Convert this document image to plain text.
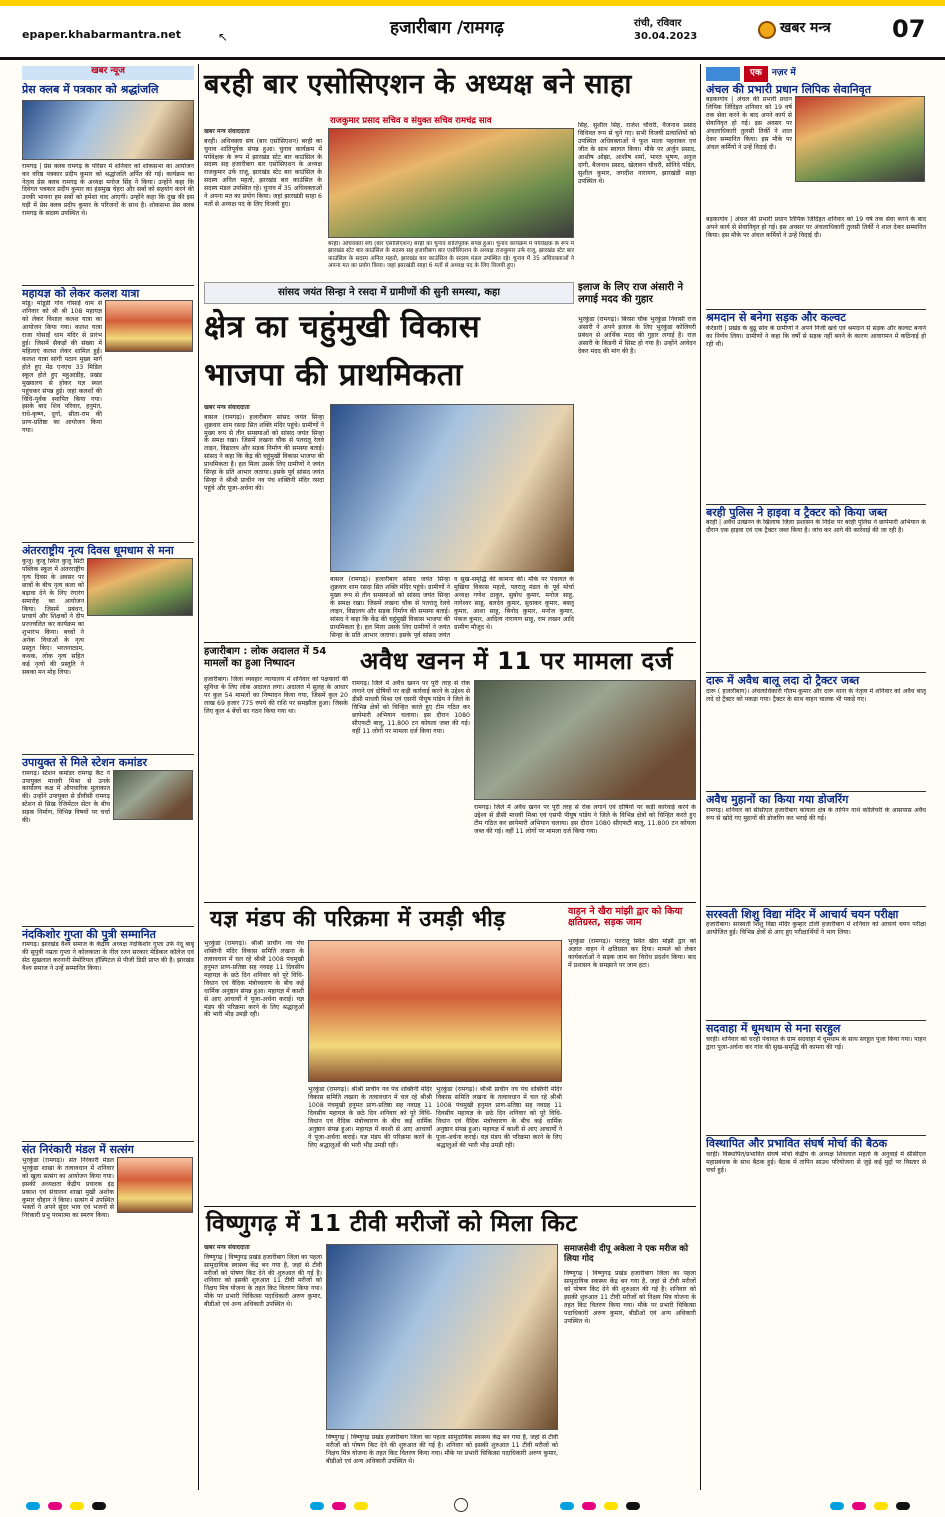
epaper.khabarmantra.net	↖	हजारीबाग /रामगढ़	रांची, रविवार
30.04.2023
खबर मन्त्र	07
खबर न्यूज
प्रेस क्लब में पत्रकार को श्रद्धांजलि
रामगढ़ | प्रेस क्लब रामगढ़ के परिसर में शनिवार को शोकसभा का आयोजन कर वरिष्ठ पत्रकार प्रदीप कुमार को श्रद्धांजलि अर्पित की गई। कार्यक्रम का नेतृत्व प्रेस क्लब रामगढ़ के अध्यक्ष मनोज सिंह ने किया। उन्होंने कहा कि दिवंगत पत्रकार प्रदीप कुमार का हंसमुख चेहरा और सबों को सहयोग करने की उनकी भावना हम सबों को हमेशा याद आएगी। उन्होंने कहा कि दुख की इस घड़ी में प्रेस क्लब प्रदीप कुमार के परिजनों के साथ है। शोकसभा प्रेस क्लब रामगढ़ के सदस्य उपस्थित थे।
महायज्ञ को लेकर कलश यात्रा
मांडू। मांडूडी गांव गोसाईं धाम से शनिवार को श्री श्री 108 महायज्ञ को लेकर विशाल कलश यात्रा का आयोजन किया गया। कलश यात्रा राजा गोसाईं धाम मंदिर से प्रारंभ हुई। जिसमें सैकड़ों की संख्या में महिलाएं कलश लेकर शामिल हुईं। कलश यात्रा सांगी पठान मुख्य मार्ग होते हुए मेंढ एनएच 33 मिडिल स्कूल होते हुए महुआडीह, प्रखंड मुख्यालय से होकर यज्ञ स्थल पहुंचकर संपन्न हुई। जहां कलशों की विधि-पूर्वक स्थापित किया गया। इसके बाद शिव परिवार, हनुमंत, राधे-कृष्ण, दुर्गा, सीता-राम की प्राण-प्रतिष्ठा का आयोजन किया गया।
अंतरराष्ट्रीय नृत्य दिवस धूमधाम से मना
कुजू। कुजू स्थित कुजू सिटी पब्लिक स्कूल में अंतरराष्ट्रीय नृत्य दिवस के अवसर पर छात्रों के बीच नृत्य कला को बढ़ावा देने के लिए रंगारंग समारोह का आयोजन किया। जिसमें प्रबंधन, प्राचार्य और शिक्षकों ने दीप प्रज्ज्वलित कर कार्यक्रम का शुभारंभ किया। बच्चों ने अनेक विधाओं के नृत्य प्रस्तुत किए। भरतनाट्यम, कथक, लोक नृत्य सहित कई नृत्यों की प्रस्तुति ने सबका मन मोह लिया।
उपायुक्त से मिले स्टेशन कमांडर
रामगढ़। स्टेशन कमांडर रामगढ़ कैंट ने उपायुक्त माधवी मिश्रा से उनके कार्यालय कक्ष में औपचारिक मुलाकात की। उन्होंने उपायुक्त से डीवीसी रामगढ़ स्टेशन से सिख रेजिमेंटल सेंटर के बीच सड़क निर्माण, विभिन्न विषयों पर चर्चा की।
नंदकिशोर गुप्ता की पुत्री सम्मानित
रामगढ़। झारखंड वैश्य समाज के केंद्रीय अध्यक्ष नंदकिशोर गुप्ता उर्फ नंदू बाबू की सुपुत्री नम्रता गुप्ता ने कोलकाता के नील रतन सरकार मेडिकल कॉलेज एवं सेठ सुखलाल करनानी मेमोरियल हॉस्पिटल से पीजी डिग्री प्राप्त की है। झारखंड वैश्य समाज ने उन्हें सम्मानित किया।
संत निरंकारी मंडल में सत्संग
भुरकुंडा (रामगढ़)। संत निरंकारी मंडल भुरकुंडा शाखा के तत्वावधान में शनिवार को खुला सत्संग का आयोजन किया गया। इसकी अध्यक्षता केंद्रीय प्रचारक इंद्र प्रकाश एवं संचालन शाखा मुखी अशोक कुमार चौहान ने किया। सत्संग में उपस्थित भक्तों ने अपने सुंदर भाव एवं भजनों से निरंकारी प्रभु परमात्मा का स्मरण किया।
बरही बार एसोसिएशन के अध्यक्ष बने साहा
राजकुमार प्रसाद सचिव व संयुक्त सचिव रामचंद्र साव
खबर मन्त्र संवाददाता
बरही। अधिवक्ता संघ (बार एसोसिएशन) बरही का चुनाव शांतिपूर्वक संपन्न हुआ। चुनाव कार्यक्रम में पर्यवेक्षक के रूप में झारखंड स्टेट बार काउंसिल के सदस्य सह हजारीबाग बार एसोसिएशन के अध्यक्ष राजकुमार उर्फ राजू, झारखंड स्टेट बार काउंसिल के सदस्य अनिल महतो, झारखंड बार काउंसिल के सदस्य मंडल उपस्थित रहे। चुनाव में 35 अधिवक्ताओं ने अपना मत का प्रयोग किया। जहां झारखंडी साहा 6 मतों से अध्यक्ष पद के लिए विजयी हुए।
बरही। अधिवक्ता संघ (बार एसोसिएशन) बरही का चुनाव शांतिपूर्वक संपन्न हुआ। चुनाव कार्यक्रम में पर्यवेक्षक के रूप में झारखंड स्टेट बार काउंसिल के सदस्य सह हजारीबाग बार एसोसिएशन के अध्यक्ष राजकुमार उर्फ राजू, झारखंड स्टेट बार काउंसिल के सदस्य अनिल महतो, झारखंड बार काउंसिल के सदस्य मंडल उपस्थित रहे। चुनाव में 35 अधिवक्ताओं ने अपना मत का प्रयोग किया। जहां झारखंडी साहा 6 मतों से अध्यक्ष पद के लिए विजयी हुए।
सिंह, सुशील सिंह, राजेश चौधरी, वैजनाथ प्रसाद विधिवत रूप से चुने गए। सभी विजयी प्रत्याशियों को उपस्थित अधिवक्ताओं ने फूल माला पहनाकर एवं जीत के साथ स्वागत किया। मौके पर अर्जुन प्रसाद, आशीष ओझा, आशीष शर्मा, भारत भूषण, अनुज दांगी, बैजनाथ प्रसाद, खेलावन चौधरी, सोनिदे पंडित, सुशील कुमार, जगदीश नारायण, झारखंडी साहा उपस्थित थे।
सांसद जयंत सिन्हा ने रसदा में ग्रामीणों की सुनी समस्या, कहा
क्षेत्र का चहुंमुखी विकास
भाजपा की प्राथमिकता
खबर मन्त्र संवाददाता
बासल (रामगढ़)। हजारीबाग सांसद जयंत सिन्हा शुक्रवार शाम रसदा सित शक्ति मंदिर पहुंचे। ग्रामीणों ने मुख्य रूप से तीन समस्याओं को सांसद जयंत सिन्हा के समक्ष रखा। जिसमें लखना चौक से पतरातू रेलवे लाइन, विद्यालय और सड़क निर्माण की समस्या बताई। सांसद ने कहा कि केंद्र की चहुंमुखी विकास भाजपा की प्राथमिकता है। हल मिला उसके लिए ग्रामीणों ने जयंत सिन्हा के प्रति आभार जताया। इसके पूर्व सांसद जयंत सिन्हा ने श्रीश्री प्राचीन नव पंच शक्तिनी मंदिर रसदा पहुंचे और पूजा-अर्चना की।
बासल (रामगढ़)। हजारीबाग सांसद जयंत सिन्हा शुक्रवार शाम रसदा सित शक्ति मंदिर पहुंचे। ग्रामीणों ने मुख्य रूप से तीन समस्याओं को सांसद जयंत सिन्हा के समक्ष रखा। जिसमें लखना चौक से पतरातू रेलवे लाइन, विद्यालय और सड़क निर्माण की समस्या बताई। सांसद ने कहा कि केंद्र की चहुंमुखी विकास भाजपा की प्राथमिकता है। हल मिला उसके लिए ग्रामीणों ने जयंत सिन्हा के प्रति आभार जताया। इसके पूर्व सांसद जयंत
व सुख-समृद्धि की कामना की। मौके पर पंचायत के मुखिया विकास महतो, पतरातू मंडल के पूर्व मोर्चा अध्यक्ष गणेश ठाकुर, सुबोध कुमार, मनोज साहू, नागेश्वर साहू, बलदेव कुमार, सुधाकर कुमार, बबलू कुमार, आशा साहू, बिनोद कुमार, मनोज कुमार, पंकज कुमार, आदित्य नारायण साहू, राम लखन आदि ग्रामीण मौजूद थे।
इलाज के लिए राज अंसारी ने लगाई मदद की गुहार
भुरकुंडा (रामगढ़)। बिरसा चौक भुरकुंडा निवासी राज अंसारी ने अपने इलाज के लिए भुरकुंडा कोलियरी प्रबंधन से आर्थिक मदद की गुहार लगाई है। राज अंसारी के किडनी में सिस्ट हो गया है। उन्होंने आवेदन देकर मदद की मांग की है।
हजारीबाग : लोक अदालत में 54 मामलों का हुआ निष्पादन
हजारीबाग। जिला व्यवहार न्यायालय में शनिवार को पक्षकारों की सुविधा के लिए लोक अदालत लगा। अदालत में सुलह के आधार पर कुल 54 मामलों का निष्पादन किया गया, जिसमें कुल 20 लाख 69 हजार 775 रुपये की राशि पर समझौता हुआ। जिसके लिए कुल 4 बेंचों का गठन किया गया था।
अवैध खनन में 11 पर मामला दर्ज
रामगढ़। जिले में अवैध खनन पर पूरी तरह से रोक लगाने एवं दोषियों पर कड़ी कार्रवाई करने के उद्देश्य से डीसी माधवी मिश्रा एवं एसपी पीयूष पांडेय ने जिले के विभिन्न क्षेत्रों को चिन्हित करते हुए टीम गठित कर छापेमारी अभियान चलाया। इस दौरान 1080 सीएफटी बालू, 11.800 टन कोयला जब्त की गई। वहीं 11 लोगों पर मामला दर्ज किया गया।
रामगढ़। जिले में अवैध खनन पर पूरी तरह से रोक लगाने एवं दोषियों पर कड़ी कार्रवाई करने के उद्देश्य से डीसी माधवी मिश्रा एवं एसपी पीयूष पांडेय ने जिले के विभिन्न क्षेत्रों को चिन्हित करते हुए टीम गठित कर छापेमारी अभियान चलाया। इस दौरान 1080 सीएफटी बालू, 11.800 टन कोयला जब्त की गई। वहीं 11 लोगों पर मामला दर्ज किया गया।
यज्ञ मंडप की परिक्रमा में उमड़ी भीड़
भुरकुंडा (रामगढ़)। श्रीश्री प्राचीन नव पंच शक्तिनी मंदिर विकास समिति लखना के तत्वावधान में चल रहे श्रीश्री 1008 पंचमुखी हनुमत प्राण-प्रतिष्ठा सह नवग्रह 11 दिवसीय महायज्ञ के छठे दिन शनिवार को पूरे विधि-विधान एवं वैदिक मंत्रोच्चारण के बीच कई धार्मिक अनुष्ठान संपन्न हुआ। महायज्ञ में काशी से आए आचार्यों ने पूजा-अर्चना कराई। यज्ञ मंडप की परिक्रमा करने के लिए श्रद्धालुओं की भारी भीड़ उमड़ी रही।
भुरकुंडा (रामगढ़)। श्रीश्री प्राचीन नव पंच शक्तिनी मंदिर विकास समिति लखना के तत्वावधान में चल रहे श्रीश्री 1008 पंचमुखी हनुमत प्राण-प्रतिष्ठा सह नवग्रह 11 दिवसीय महायज्ञ के छठे दिन शनिवार को पूरे विधि-विधान एवं वैदिक मंत्रोच्चारण के बीच कई धार्मिक अनुष्ठान संपन्न हुआ। महायज्ञ में काशी से आए आचार्यों ने पूजा-अर्चना कराई। यज्ञ मंडप की परिक्रमा करने के लिए श्रद्धालुओं की भारी भीड़ उमड़ी रही।
भुरकुंडा (रामगढ़)। श्रीश्री प्राचीन नव पंच शक्तिनी मंदिर विकास समिति लखना के तत्वावधान में चल रहे श्रीश्री 1008 पंचमुखी हनुमत प्राण-प्रतिष्ठा सह नवग्रह 11 दिवसीय महायज्ञ के छठे दिन शनिवार को पूरे विधि-विधान एवं वैदिक मंत्रोच्चारण के बीच कई धार्मिक अनुष्ठान संपन्न हुआ। महायज्ञ में काशी से आए आचार्यों ने पूजा-अर्चना कराई। यज्ञ मंडप की परिक्रमा करने के लिए श्रद्धालुओं की भारी भीड़ उमड़ी रही।
वाहन ने खैरा मांझी द्वार को किया क्षतिग्रस्त, सड़क जाम
भुरकुंडा (रामगढ़)। पतरातू स्थित खैरा मांझी द्वार को अज्ञात वाहन ने क्षतिग्रस्त कर दिया। मामले को लेकर कार्यकर्ताओं ने सड़क जाम कर विरोध प्रदर्शन किया। बाद में प्रशासन के समझाने पर जाम हटा।
विष्णुगढ़ में 11 टीवी मरीजों को मिला किट
खबर मन्त्र संवाददाता
विष्णुगढ़ | विष्णुगढ़ प्रखंड हजारीबाग जिला का पहला सामुदायिक स्वास्थ्य केंद्र बन गया है, जहां से टीवी मरीजों को पोषण किट देने की शुरुआत की गई है। शनिवार को इसकी शुरुआत 11 टीवी मरीजों को निक्षय मित्र योजना के तहत किट वितरण किया गया। मौके पर प्रभारी चिकित्सा पदाधिकारी अरुण कुमार, बीडीओ एवं अन्य अधिकारी उपस्थित थे।
विष्णुगढ़ | विष्णुगढ़ प्रखंड हजारीबाग जिला का पहला सामुदायिक स्वास्थ्य केंद्र बन गया है, जहां से टीवी मरीजों को पोषण किट देने की शुरुआत की गई है। शनिवार को इसकी शुरुआत 11 टीवी मरीजों को निक्षय मित्र योजना के तहत किट वितरण किया गया। मौके पर प्रभारी चिकित्सा पदाधिकारी अरुण कुमार, बीडीओ एवं अन्य अधिकारी उपस्थित थे।
समाजसेवी दीपू अकेला ने एक मरीज को लिया गोद
विष्णुगढ़ | विष्णुगढ़ प्रखंड हजारीबाग जिला का पहला सामुदायिक स्वास्थ्य केंद्र बन गया है, जहां से टीवी मरीजों को पोषण किट देने की शुरुआत की गई है। शनिवार को इसकी शुरुआत 11 टीवी मरीजों को निक्षय मित्र योजना के तहत किट वितरण किया गया। मौके पर प्रभारी चिकित्सा पदाधिकारी अरुण कुमार, बीडीओ एवं अन्य अधिकारी उपस्थित थे।
एक	नज़र में
अंचल की प्रभारी प्रधान लिपिक सेवानिवृत
बड़कागांव | अंचल की प्रभारी प्रधान लिपिक जिंदिइत शनिवार को 19 वर्ष तक सेवा करने के बाद अपने कार्य से सेवानिवृत हो गई। इस अवसर पर अंचलाधिकारी तुलसी तिर्की ने शाल देकर सम्मानित किया। इस मौके पर अंचल कर्मियों ने उन्हें विदाई दी।
बड़कागांव | अंचल की प्रभारी प्रधान लिपिक जिंदिइत शनिवार को 19 वर्ष तक सेवा करने के बाद अपने कार्य से सेवानिवृत हो गई। इस अवसर पर अंचलाधिकारी तुलसी तिर्की ने शाल देकर सम्मानित किया। इस मौके पर अंचल कर्मियों ने उन्हें विदाई दी।
श्रमदान से बनेगा सड़क और कल्वट
केरेडारी | प्रखंड के बुढू सांव के ग्रामीणों ने अपने निजी खर्च एवं श्रमदान से सड़क और कल्वट बनाने का निर्णय लिया। ग्रामीणों ने कहा कि वर्षों से सड़क नहीं बनने के कारण आवागमन में कठिनाई हो रही थी।
बरही पुलिस ने हाइवा व ट्रैक्टर को किया जब्त
बरही | अवैध उत्खनन के खिलाफ जिला प्रशासन के निर्देश पर बरही पुलिस ने छापेमारी अभियान के दौरान एक हाइवा एवं एक ट्रैक्टर जब्त किया है। जांच कर आगे की कार्रवाई की जा रही है।
दारू में अवैध बालू लदा दो ट्रैक्टर जब्त
दारू ( हजारीबाग)। अंचलाधिकारी गौतम कुमार और दारू थाना के नेतृत्व में शनिवार को अवैध बालू लदे दो ट्रैक्टर को पकड़ा गया। ट्रैक्टर के साथ वाहन चालक भी पकड़े गए।
अवैध मुहानों का किया गया डोजरिंग
रामगढ़। शनिवार को सीसीएल हजारीबाग कोयला क्षेत्र के तापिन नार्थ कोलियरी के आसपास अवैध रूप से खोदे गए मुहानों की डोजरिंग कर भराई की गई।
सरस्वती शिशु विद्या मंदिर में आचार्य चयन परीक्षा
हजारीबाग। सरस्वती शिशु विद्या मंदिर कुम्हार टोली हजारीबाग में शनिवार को आचार्य चयन परीक्षा आयोजित हुई। विभिन्न क्षेत्रों से आए हुए परीक्षार्थियों ने भाग लिया।
सदवाहा में धूमधाम से मना सरहुल
चरही। शनिवार को चरही पंचायत के ग्राम सदवाहा में धूमधाम के साथ सरहुल पूजा किया गया। पाहन द्वारा पूजा-अर्चना कर गांव की सुख-समृद्धि की कामना की गई।
विस्थापित और प्रभावित संघर्ष मोर्चा की बैठक
चरही। विस्थापित/प्रभावित संघर्ष मोर्चा केंद्रीय के अध्यक्ष शिवलाल महतो के अनुवाई में सीसीएल महाप्रबंधक के साथ बैठक हुई। बैठक में तापिन साउथ परियोजना से जुड़े कई मुद्दों पर विस्तार से चर्चा हुई।
